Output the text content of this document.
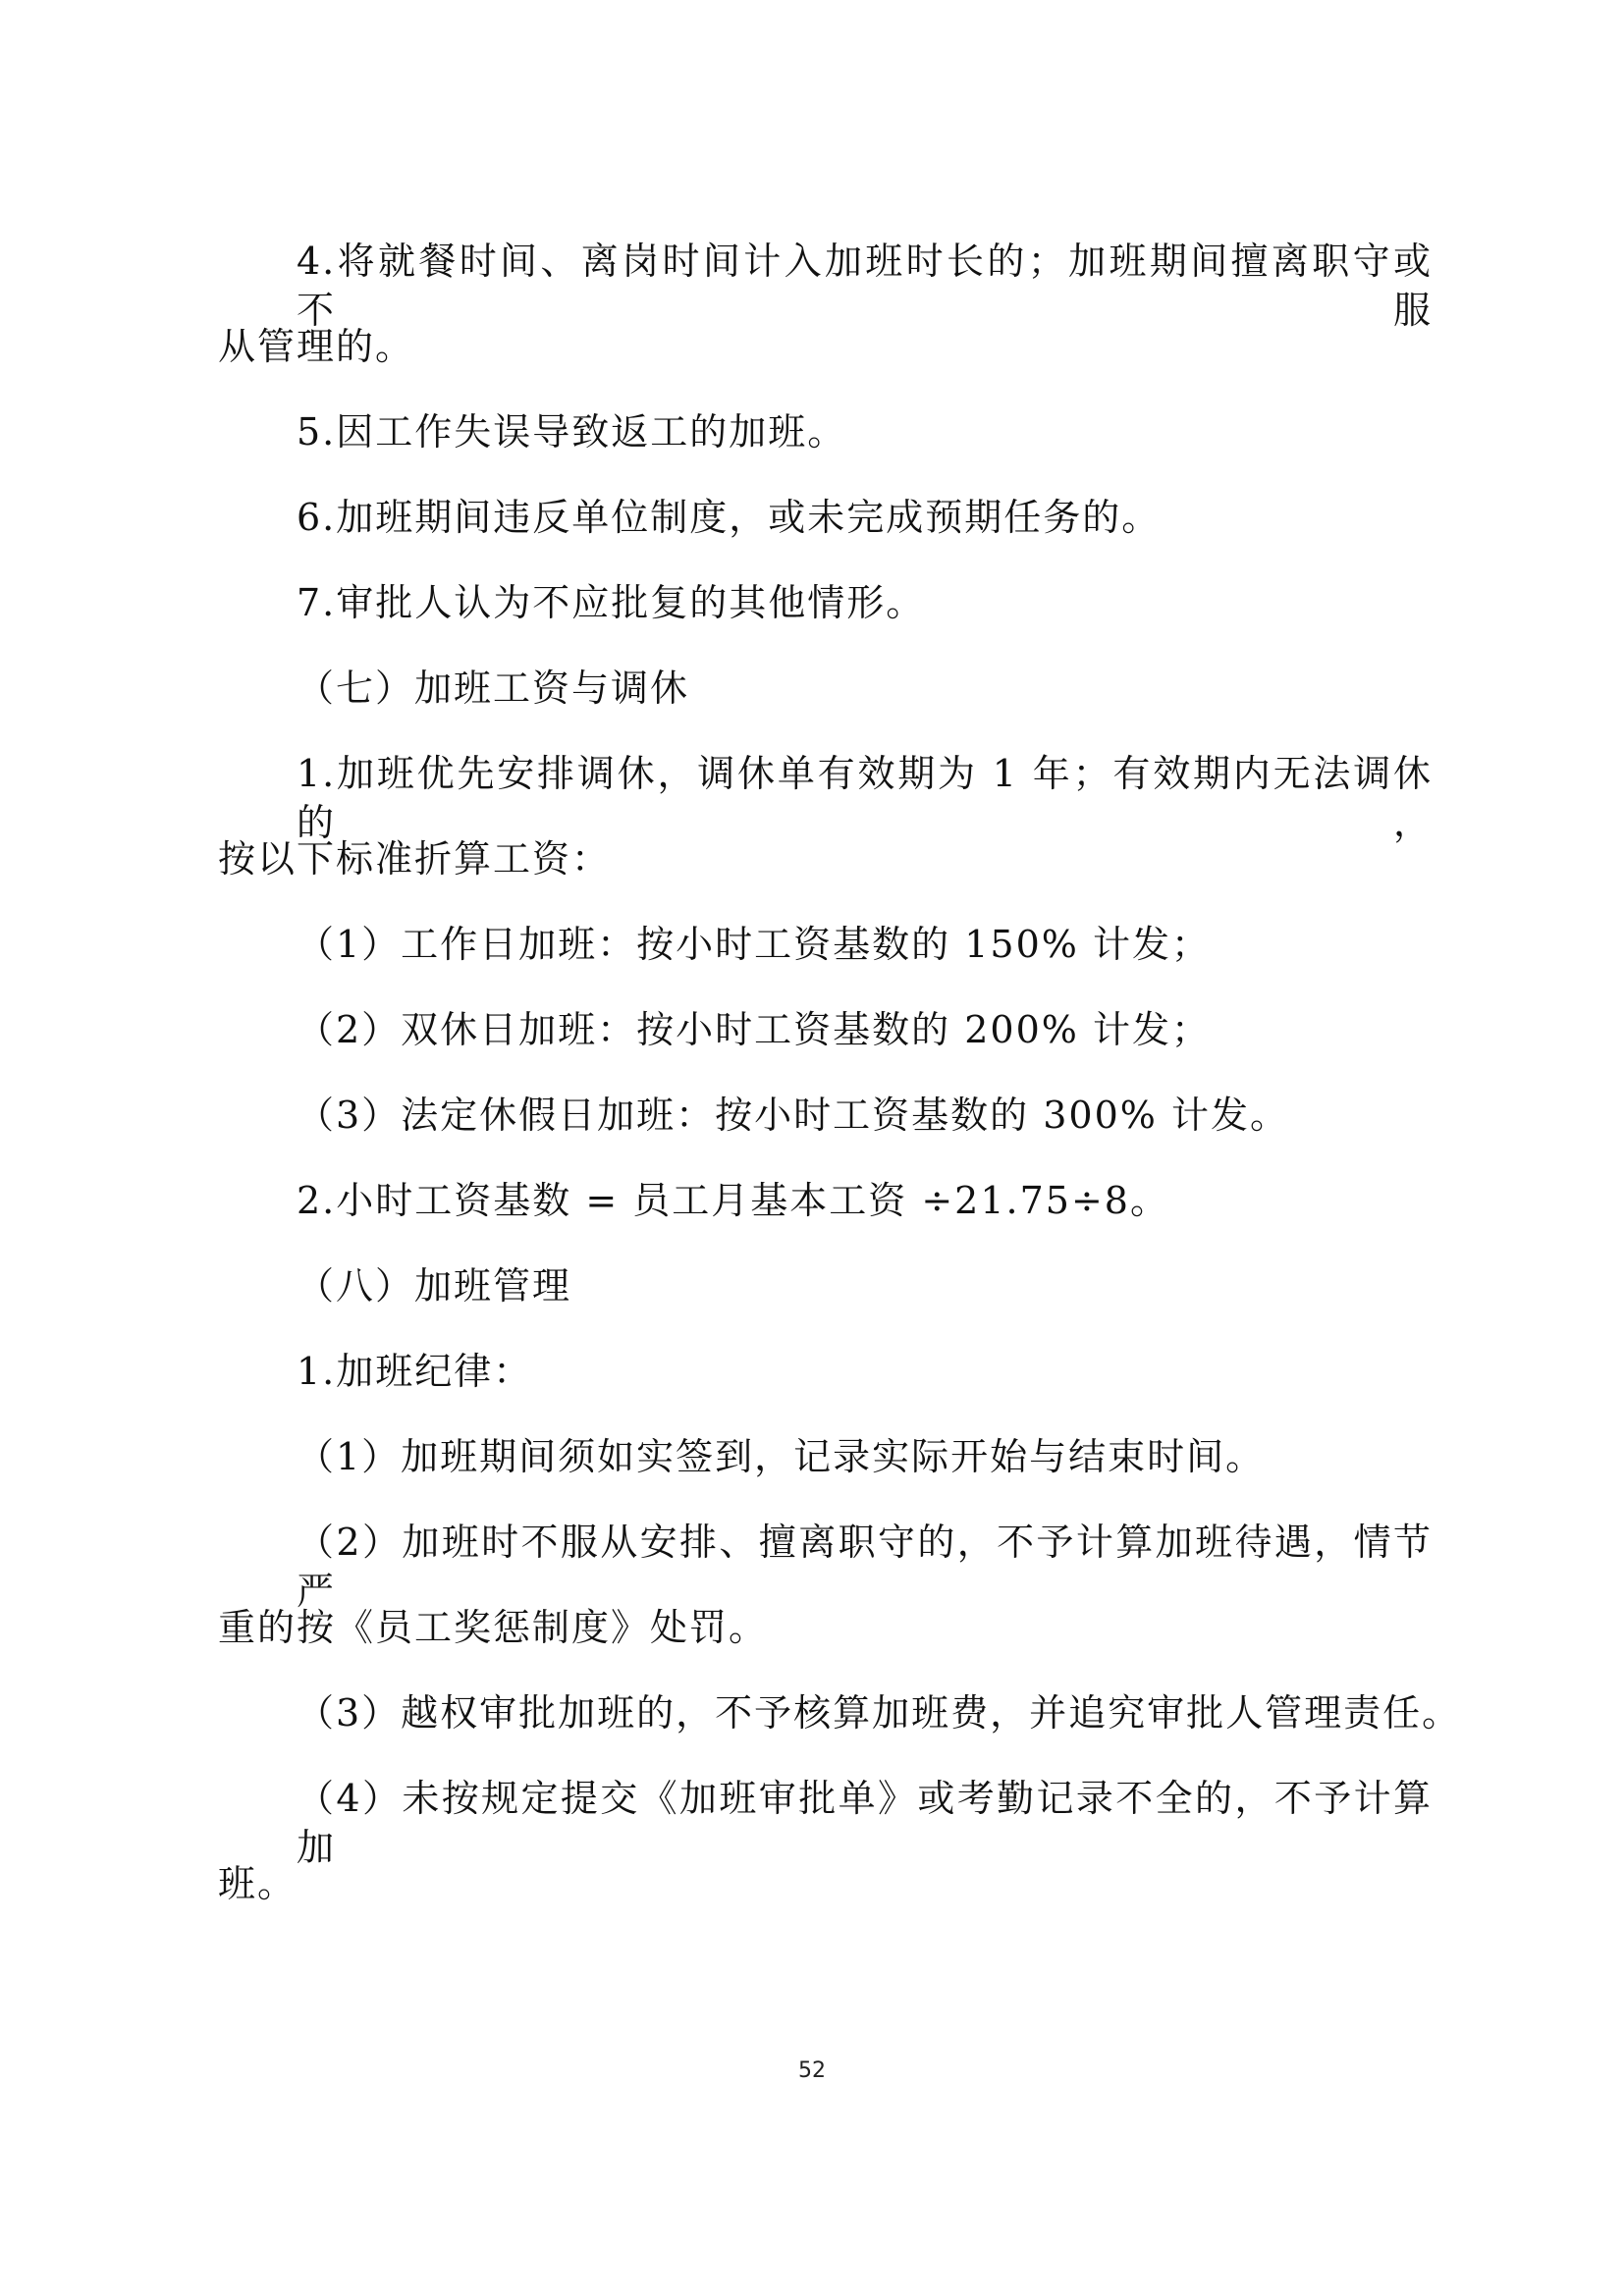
4.将就餐时间、离岗时间计入加班时长的；加班期间擅离职守或不服
从管理的。
5.因工作失误导致返工的加班。
6.加班期间违反单位制度，或未完成预期任务的。
7.审批人认为不应批复的其他情形。
（七）加班工资与调休
1.加班优先安排调休，调休单有效期为 1 年；有效期内无法调休的，
按以下标准折算工资：
（1）工作日加班：按小时工资基数的 150% 计发；
（2）双休日加班：按小时工资基数的 200% 计发；
（3）法定休假日加班：按小时工资基数的 300% 计发。
2.小时工资基数 = 员工月基本工资 ÷21.75÷8。
（八）加班管理
1.加班纪律：
（1）加班期间须如实签到，记录实际开始与结束时间。
（2）加班时不服从安排、擅离职守的，不予计算加班待遇，情节严
重的按《员工奖惩制度》处罚。
（3）越权审批加班的，不予核算加班费，并追究审批人管理责任。
（4）未按规定提交《加班审批单》或考勤记录不全的，不予计算加
班。
52
